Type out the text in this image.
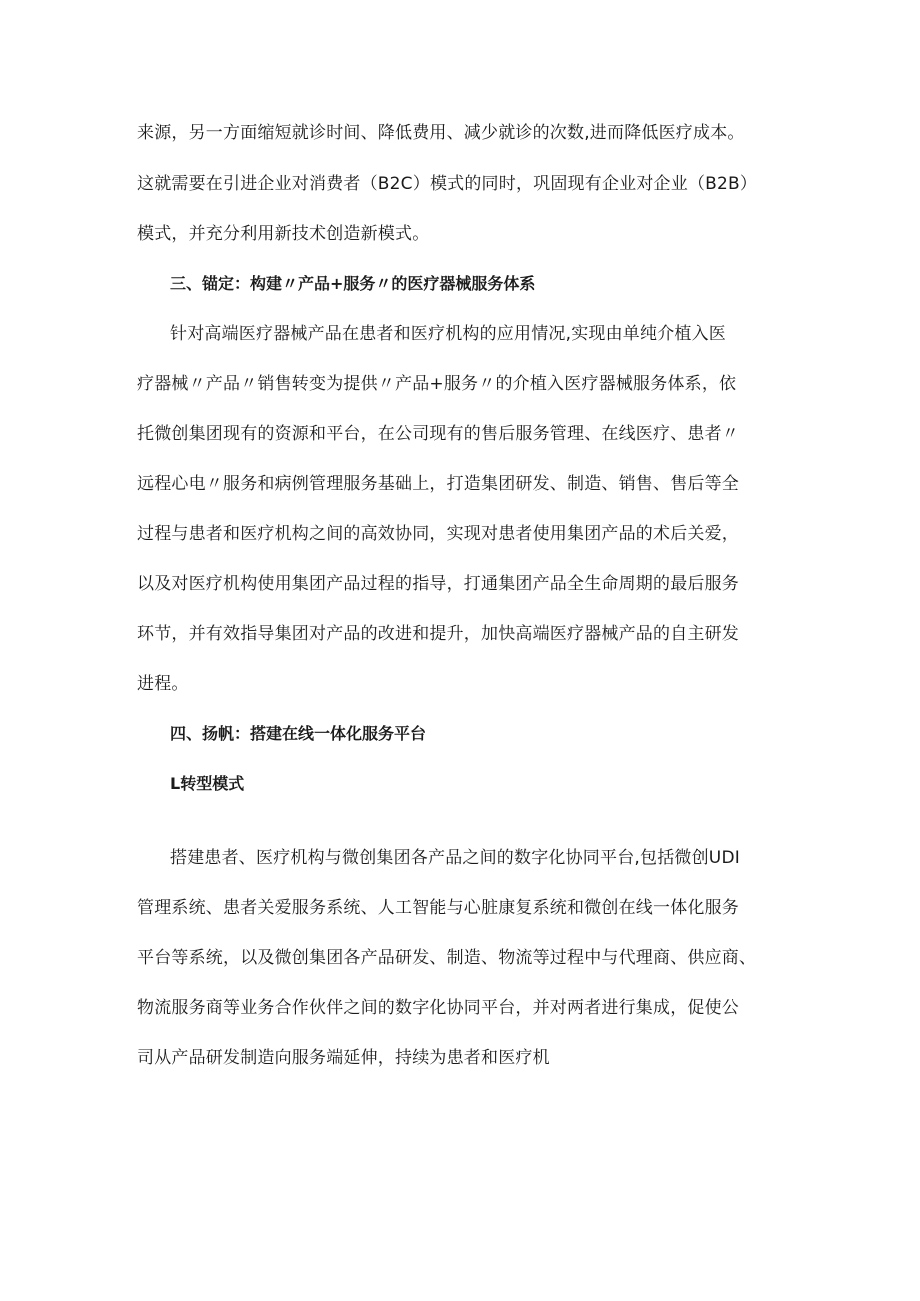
来源，另一方面缩短就诊时间、降低费用、减少就诊的次数,进而降低医疗成本。
这就需要在引进企业对消费者（B2C）模式的同时，巩固现有企业对企业（B2B）
模式，并充分利用新技术创造新模式。
三、锚定：构建〃产品+服务〃的医疗器械服务体系
针对高端医疗器械产品在患者和医疗机构的应用情况,实现由单纯介植入医
疗器械〃产品〃销售转变为提供〃产品+服务〃的介植入医疗器械服务体系，依
托微创集团现有的资源和平台，在公司现有的售后服务管理、在线医疗、患者〃
远程心电〃服务和病例管理服务基础上，打造集团研发、制造、销售、售后等全
过程与患者和医疗机构之间的高效协同，实现对患者使用集团产品的术后关爱，
以及对医疗机构使用集团产品过程的指导，打通集团产品全生命周期的最后服务
环节，并有效指导集团对产品的改进和提升，加快高端医疗器械产品的自主研发
进程。
四、扬帆：搭建在线一体化服务平台
L转型模式
搭建患者、医疗机构与微创集团各产品之间的数字化协同平台,包括微创UDI
管理系统、患者关爱服务系统、人工智能与心脏康复系统和微创在线一体化服务
平台等系统，以及微创集团各产品研发、制造、物流等过程中与代理商、供应商、
物流服务商等业务合作伙伴之间的数字化协同平台，并对两者进行集成，促使公
司从产品研发制造向服务端延伸，持续为患者和医疗机
